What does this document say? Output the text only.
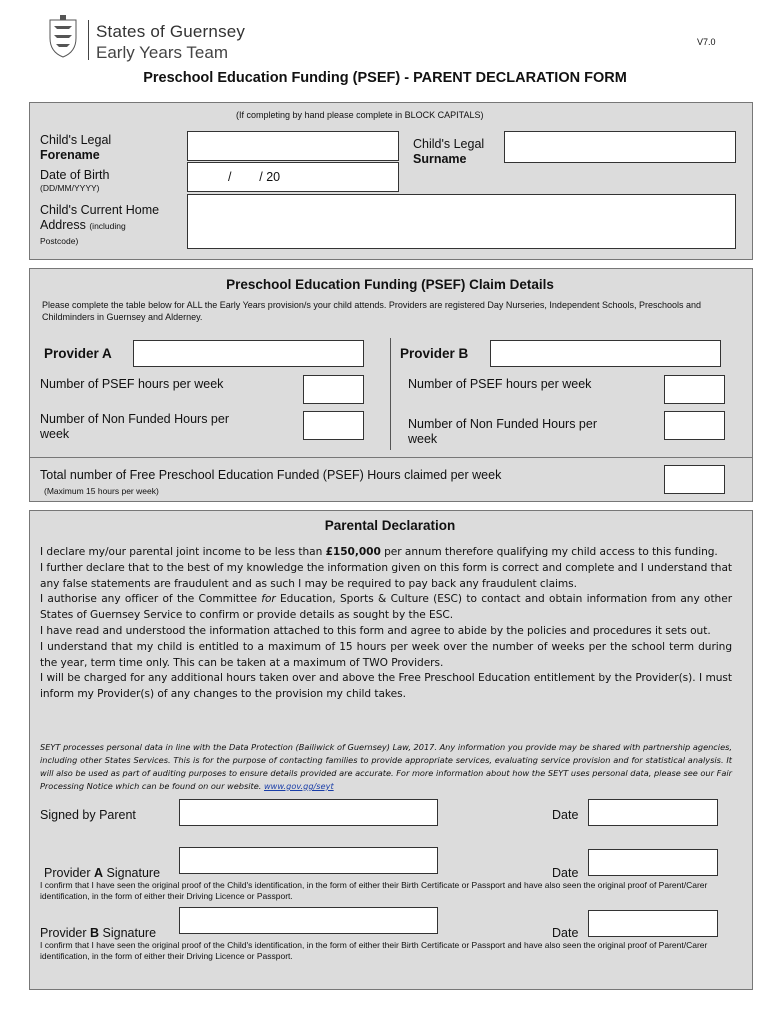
States of Guernsey
Early Years Team
V7.0
Preschool Education Funding (PSEF) - PARENT DECLARATION FORM
(If completing by hand please complete in BLOCK CAPITALS)
Child's Legal
Forename
Child's Legal
Surname
Date of Birth
(DD/MM/YYYY)
/        / 20
Child's Current Home
Address (including
Postcode)
Preschool Education Funding (PSEF) Claim Details
Please complete the table below for ALL the Early Years provision/s your child attends. Providers are registered Day Nurseries, Independent Schools, Preschools and Childminders in Guernsey and Alderney.
Provider A
Number of PSEF hours per week
Number of Non Funded Hours per
week
Provider B
Number of PSEF hours per week
Number of Non Funded Hours per
week
Total number of Free Preschool Education Funded (PSEF) Hours claimed per week
(Maximum 15 hours per week)
Parental Declaration

I declare my/our parental joint income to be less than £150,000 per annum therefore qualifying my child access to this funding.

I further declare that to the best of my knowledge the information given on this form is correct and complete and I understand that any false statements are fraudulent and as such I may be required to pay back any fraudulent claims.

I authorise any officer of the Committee for Education, Sports & Culture (ESC) to contact and obtain information from any other States of Guernsey Service to confirm or provide details as sought by the ESC.

I have read and understood the information attached to this form and agree to abide by the policies and procedures it sets out.

I understand that my child is entitled to a maximum of 15 hours per week over the number of weeks per the school term during the year, term time only. This can be taken at a maximum of TWO Providers.

I will be charged for any additional hours taken over and above the Free Preschool Education entitlement by the Provider(s). I must inform my Provider(s) of any changes to the provision my child takes.

SEYT processes personal data in line with the Data Protection (Bailiwick of Guernsey) Law, 2017. Any information you provide may be shared with partnership agencies, including other States Services. This is for the purpose of contacting families to provide appropriate services, evaluating service provision and for statistical analysis. It will also be used as part of auditing purposes to ensure details provided are accurate. For more information about how the SEYT uses personal data, please see our Fair Processing Notice which can be found on our website. www.gov.gg/seyt
Signed by Parent	Date
Provider A Signature	Date
I confirm that I have seen the original proof of the Child's identification, in the form of either their Birth Certificate or Passport and have also seen the original proof of Parent/Carer identification, in the form of either their Driving Licence or Passport.
Provider B Signature	Date
I confirm that I have seen the original proof of the Child's identification, in the form of either their Birth Certificate or Passport and have also seen the original proof of Parent/Carer identification, in the form of either their Driving Licence or Passport.
